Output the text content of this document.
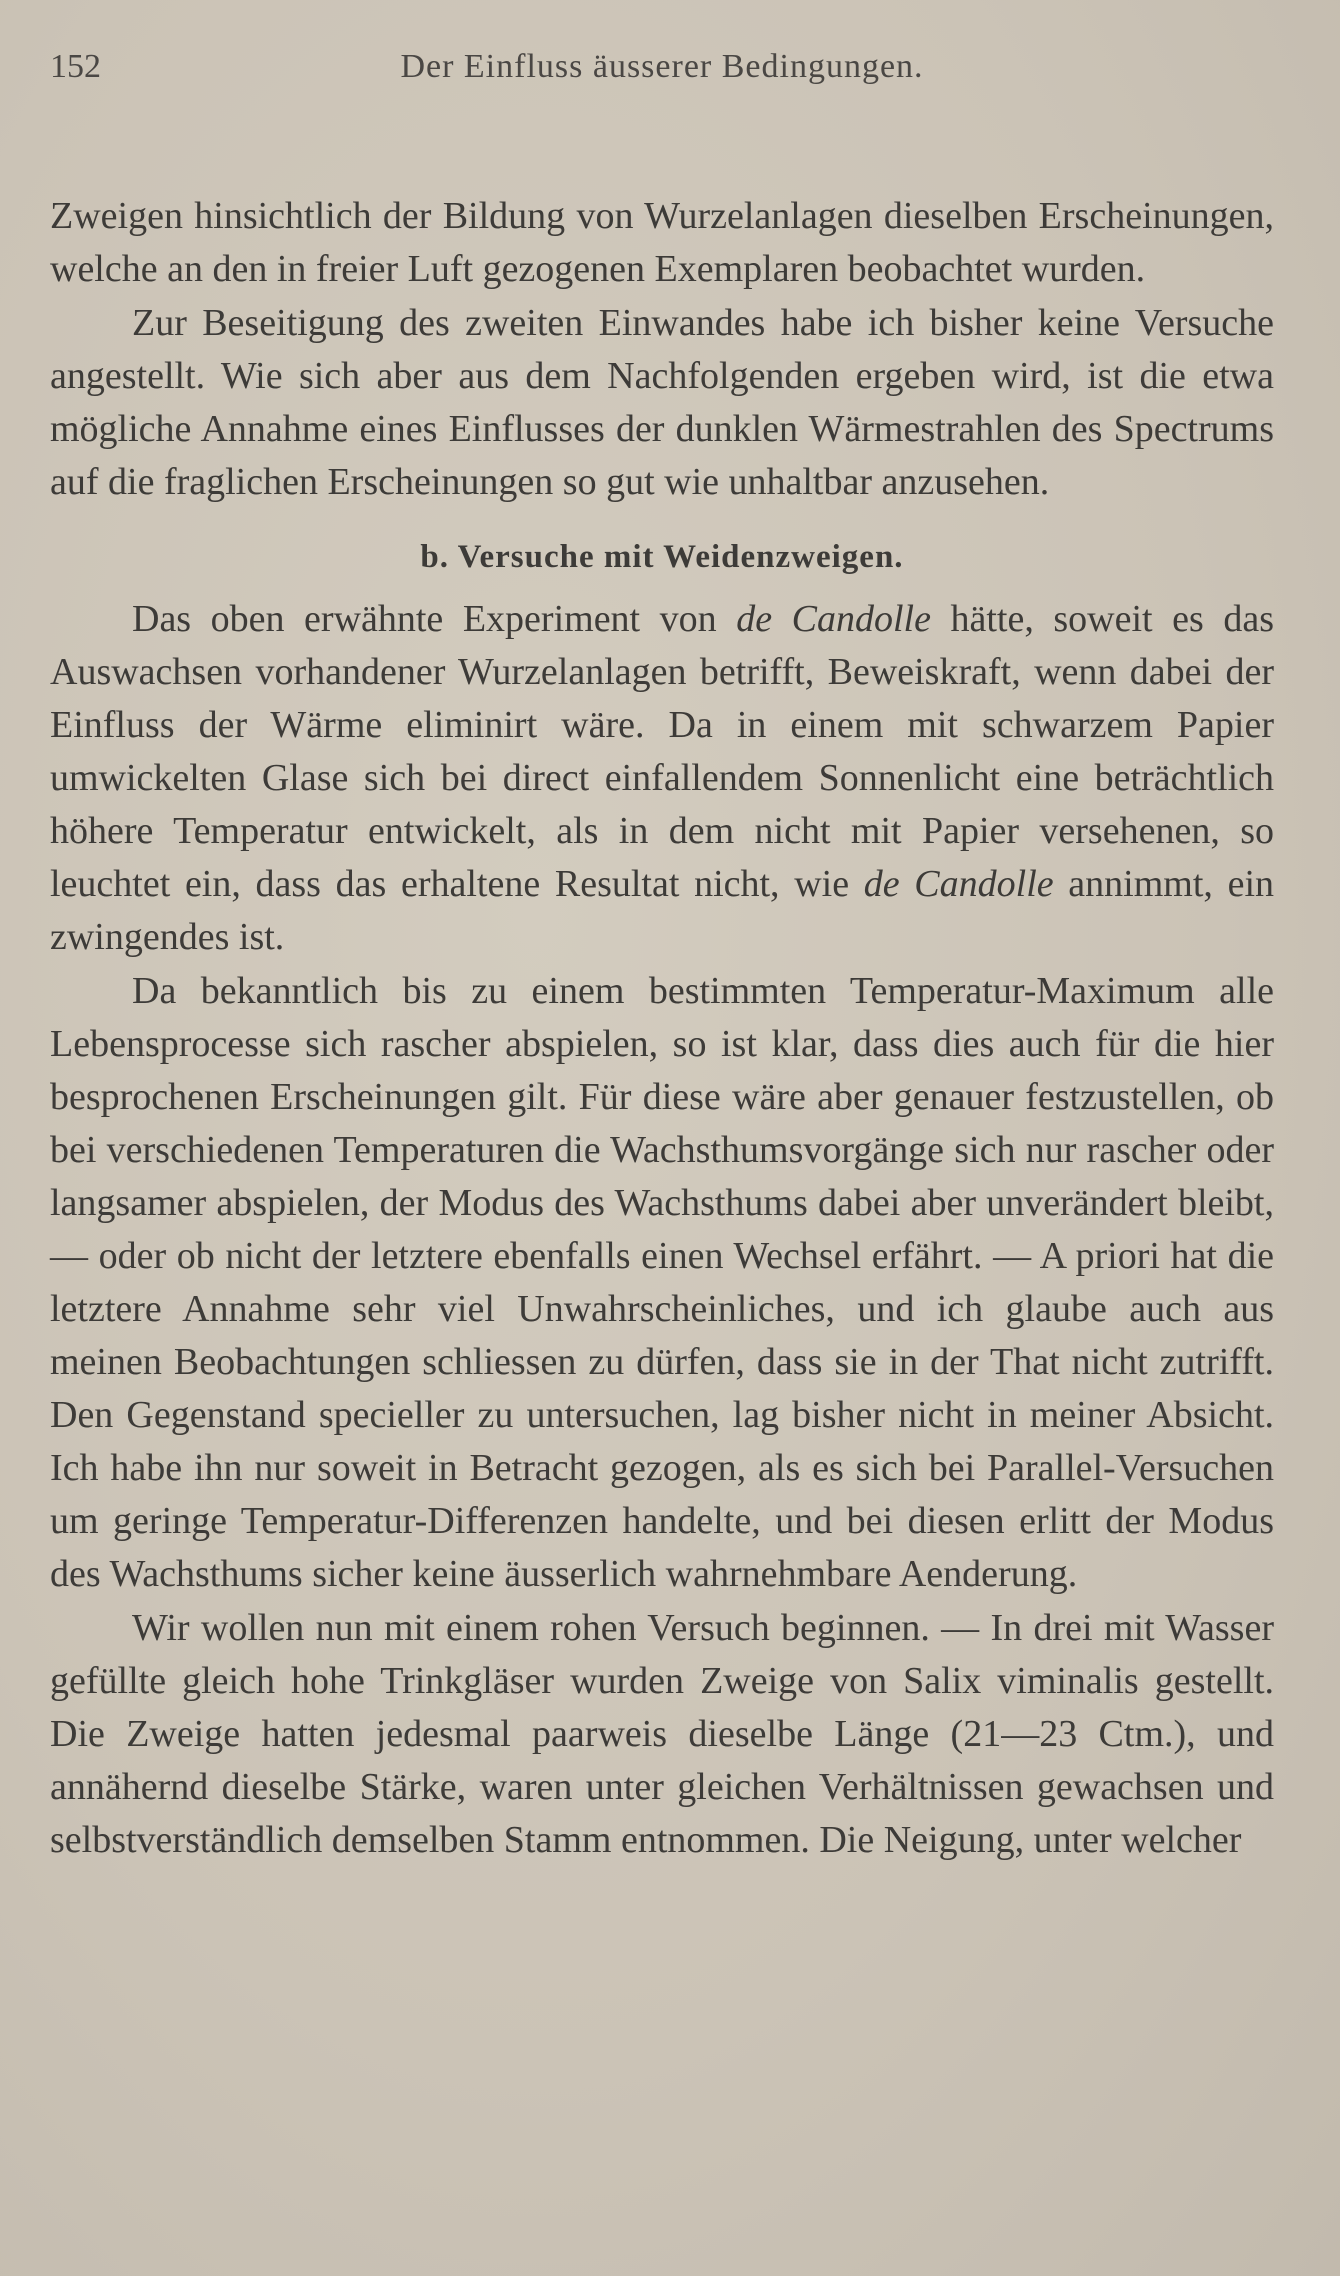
152	Der Einfluss äusserer Bedingungen.

Zweigen hinsichtlich der Bildung von Wurzelanlagen dieselben Erscheinungen, welche an den in freier Luft gezogenen Exemplaren beobachtet wurden.

Zur Beseitigung des zweiten Einwandes habe ich bisher keine Versuche angestellt. Wie sich aber aus dem Nachfolgenden ergeben wird, ist die etwa mögliche Annahme eines Einflusses der dunklen Wärmestrahlen des Spectrums auf die fraglichen Erscheinungen so gut wie unhaltbar anzusehen.

b. Versuche mit Weidenzweigen.

Das oben erwähnte Experiment von de Candolle hätte, soweit es das Auswachsen vorhandener Wurzelanlagen betrifft, Beweiskraft, wenn dabei der Einfluss der Wärme eliminirt wäre. Da in einem mit schwarzem Papier umwickelten Glase sich bei direct einfallendem Sonnenlicht eine beträchtlich höhere Temperatur entwickelt, als in dem nicht mit Papier versehenen, so leuchtet ein, dass das erhaltene Resultat nicht, wie de Candolle annimmt, ein zwingendes ist.

Da bekanntlich bis zu einem bestimmten Temperatur-Maximum alle Lebensprocesse sich rascher abspielen, so ist klar, dass dies auch für die hier besprochenen Erscheinungen gilt. Für diese wäre aber genauer festzustellen, ob bei verschiedenen Temperaturen die Wachsthumsvorgänge sich nur rascher oder langsamer abspielen, der Modus des Wachsthums dabei aber unverändert bleibt, — oder ob nicht der letztere ebenfalls einen Wechsel erfährt. — A priori hat die letztere Annahme sehr viel Unwahrscheinliches, und ich glaube auch aus meinen Beobachtungen schliessen zu dürfen, dass sie in der That nicht zutrifft. Den Gegenstand specieller zu untersuchen, lag bisher nicht in meiner Absicht. Ich habe ihn nur soweit in Betracht gezogen, als es sich bei Parallel-Versuchen um geringe Temperatur-Differenzen handelte, und bei diesen erlitt der Modus des Wachsthums sicher keine äusserlich wahrnehmbare Aenderung.

Wir wollen nun mit einem rohen Versuch beginnen. — In drei mit Wasser gefüllte gleich hohe Trinkgläser wurden Zweige von Salix viminalis gestellt. Die Zweige hatten jedesmal paarweis dieselbe Länge (21—23 Ctm.), und annähernd dieselbe Stärke, waren unter gleichen Verhältnissen gewachsen und selbstverständlich demselben Stamm entnommen. Die Neigung, unter welcher
